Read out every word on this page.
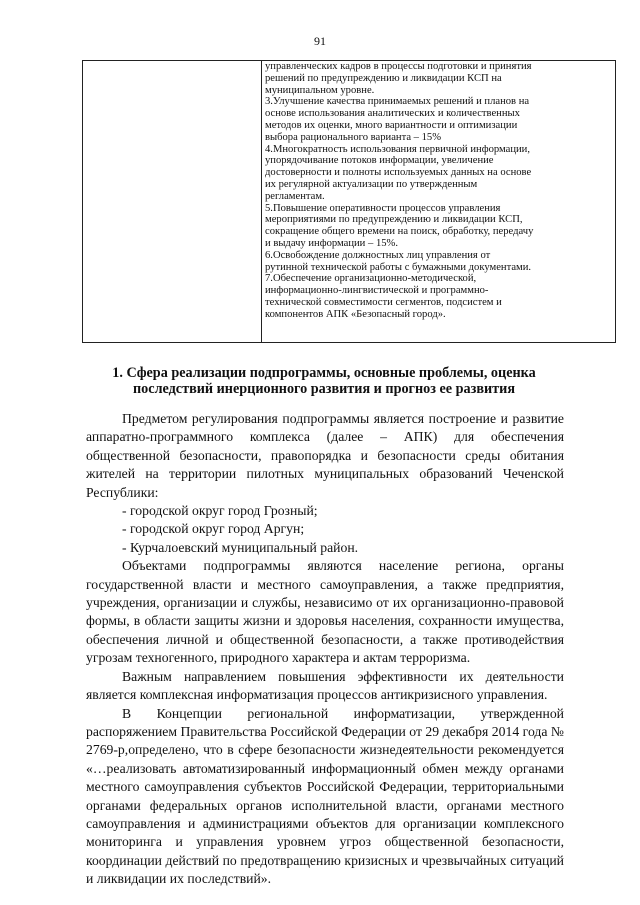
91

управленческих кадров в процессы подготовки и принятия
решений по предупреждению и ликвидации КСП на
муниципальном уровне.
3.Улучшение качества принимаемых решений и планов на
основе использования аналитических и количественных
методов их оценки, много вариантности и оптимизации
выбора рационального варианта – 15%
4.Многократность использования первичной информации,
упорядочивание потоков информации, увеличение
достоверности и полноты используемых данных на основе
их регулярной актуализации по утвержденным
регламентам.
5.Повышение оперативности процессов управления
мероприятиями по предупреждению и ликвидации КСП,
сокращение общего времени на поиск, обработку, передачу
и выдачу информации – 15%.
6.Освобождение должностных лиц управления от
рутинной технической работы с бумажными документами.
7.Обеспечение организационно-методической,
информационно-лингвистической и программно-
технической совместимости сегментов, подсистем и
компонентов АПК «Безопасный город».
1. Сфера реализации подпрограммы, основные проблемы, оценка
последствий инерционного развития и прогноз ее развития

Предметом регулирования подпрограммы является построение и развитие аппаратно-программного комплекса (далее – АПК) для обеспечения общественной безопасности, правопорядка и безопасности среды обитания жителей на территории пилотных муниципальных образований Чеченской Республики:

- городской округ город Грозный;

- городской округ город Аргун;

- Курчалоевский муниципальный район.

Объектами подпрограммы являются население региона, органы государственной власти и местного самоуправления, а также предприятия, учреждения, организации и службы, независимо от их организационно-правовой формы, в области защиты жизни и здоровья населения, сохранности имущества, обеспечения личной и общественной безопасности, а также противодействия угрозам техногенного, природного характера и актам терроризма.

Важным направлением повышения эффективности их деятельности является комплексная информатизация процессов антикризисного управления.

В Концепции региональной информатизации, утвержденной распоряжением Правительства Российской Федерации от 29 декабря 2014 года № 2769-р,определено, что в сфере безопасности жизнедеятельности рекомендуется «…реализовать автоматизированный информационный обмен между органами местного самоуправления субъектов Российской Федерации, территориальными органами федеральных органов исполнительной власти, органами местного самоуправления и администрациями объектов для организации комплексного мониторинга и управления уровнем угроз общественной безопасности, координации действий по предотвращению кризисных и чрезвычайных ситуаций и ликвидации их последствий».
